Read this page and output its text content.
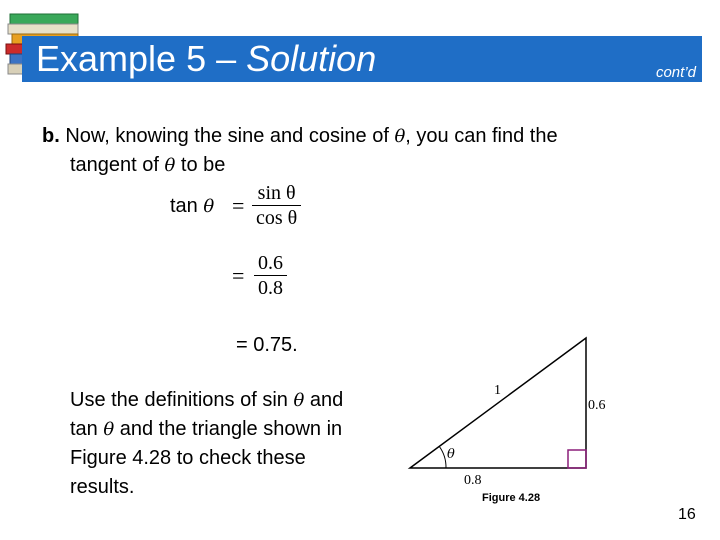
Example 5 – Solution	cont’d
b. Now, knowing the sine and cosine of θ, you can find the
tangent of θ to be
$\tan \theta = \frac{\text{sin θ}}{\text{cos θ}}$
= $\frac{0.6}{0.8}$
= 0.75.
Use the definitions of sin θ and tan θ and the triangle shown in Figure 4.28 to check these results.
1
0.6
0.8
θ
Figure 4.28
16
